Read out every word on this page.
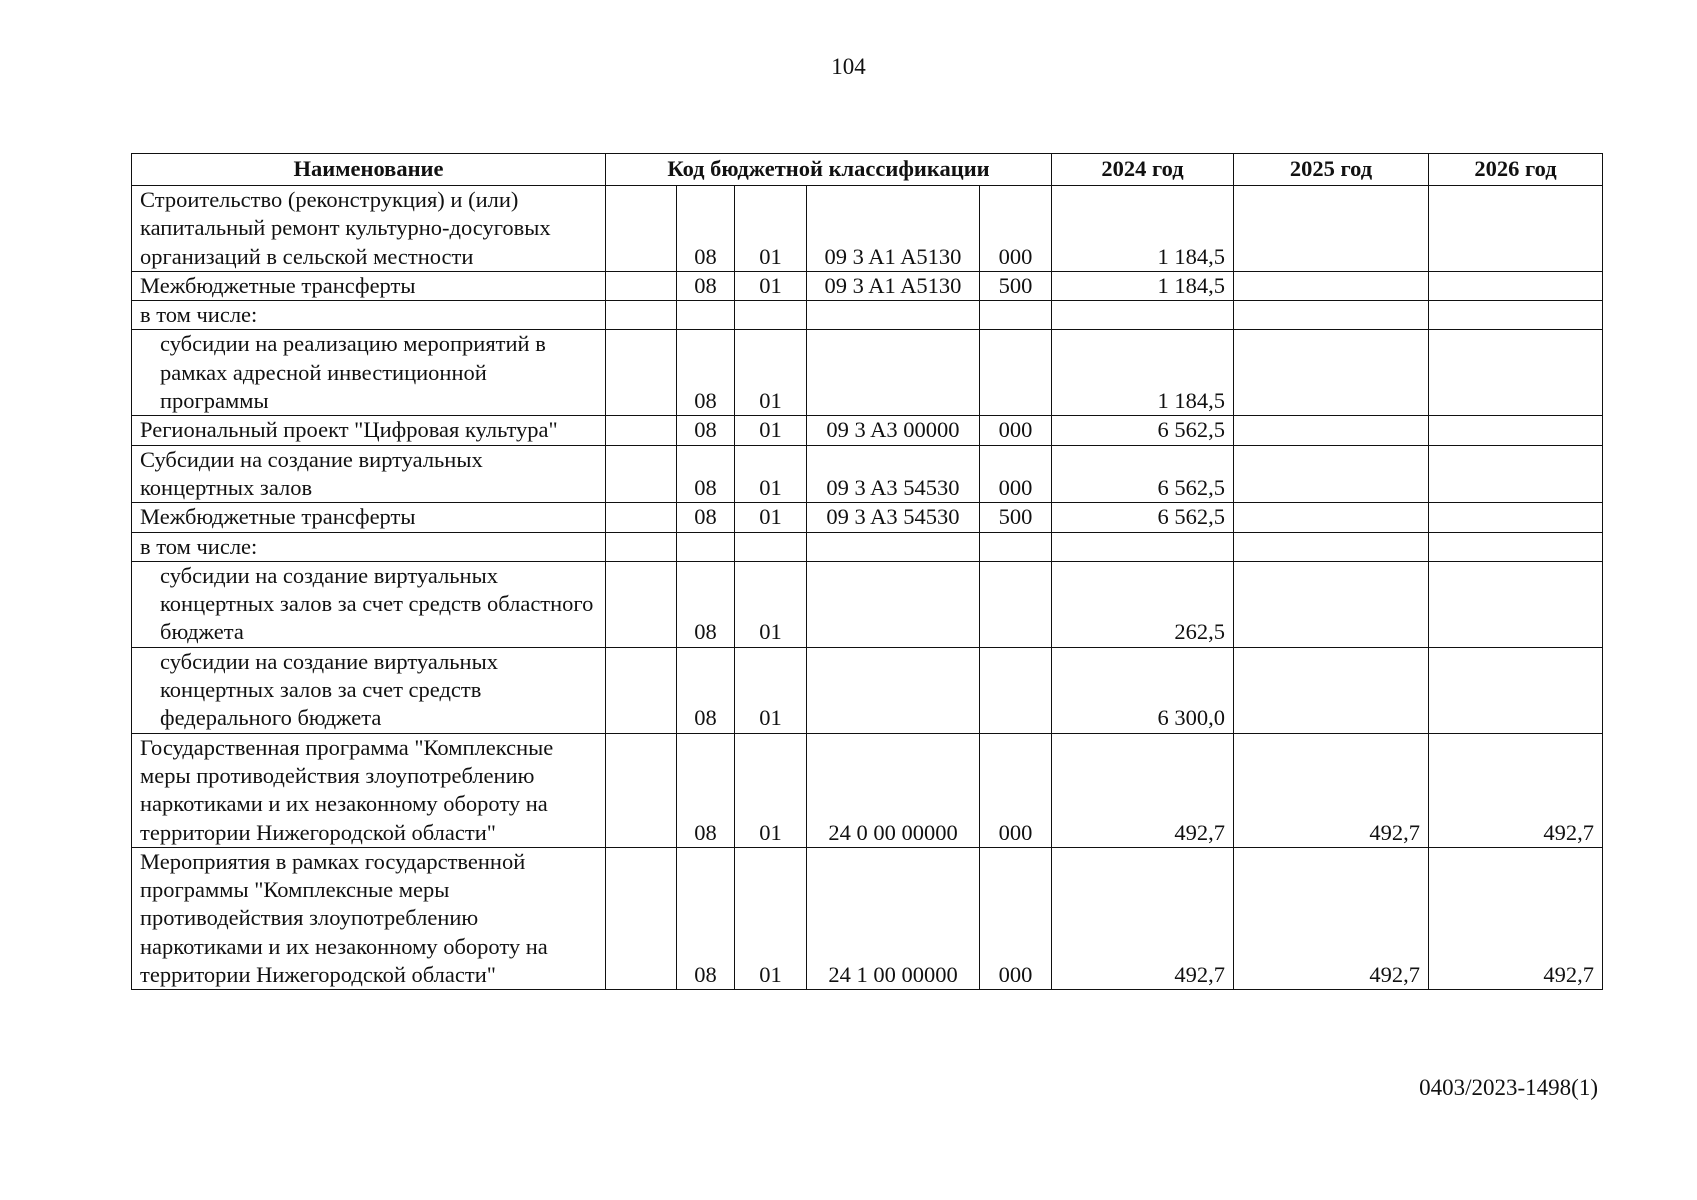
104
Наименование	Код бюджетной классификации					2024 год	2025 год	2026 год
Строительство (реконструкция) и (или) капитальный ремонт культурно-досуговых организаций в сельской местности		08	01	09 3 A1 A5130	000	1 184,5		
Межбюджетные трансферты		08	01	09 3 A1 A5130	500	1 184,5		
в том числе:								
субсидии на реализацию мероприятий в рамках адресной инвестиционной программы		08	01			1 184,5		
Региональный проект "Цифровая культура"		08	01	09 3 A3 00000	000	6 562,5		
Субсидии на создание виртуальных концертных залов		08	01	09 3 A3 54530	000	6 562,5		
Межбюджетные трансферты		08	01	09 3 A3 54530	500	6 562,5		
в том числе:								
субсидии на создание виртуальных концертных залов за счет средств областного бюджета		08	01			262,5		
субсидии на создание виртуальных концертных залов за счет средств федерального бюджета		08	01			6 300,0		
Государственная программа "Комплексные меры противодействия злоупотреблению наркотиками и их незаконному обороту на территории Нижегородской области"		08	01	24 0 00 00000	000	492,7	492,7	492,7
Мероприятия в рамках государственной программы "Комплексные меры противодействия злоупотреблению наркотиками и их незаконному обороту на территории Нижегородской области"		08	01	24 1 00 00000	000	492,7	492,7	492,7
0403/2023-1498(1)
